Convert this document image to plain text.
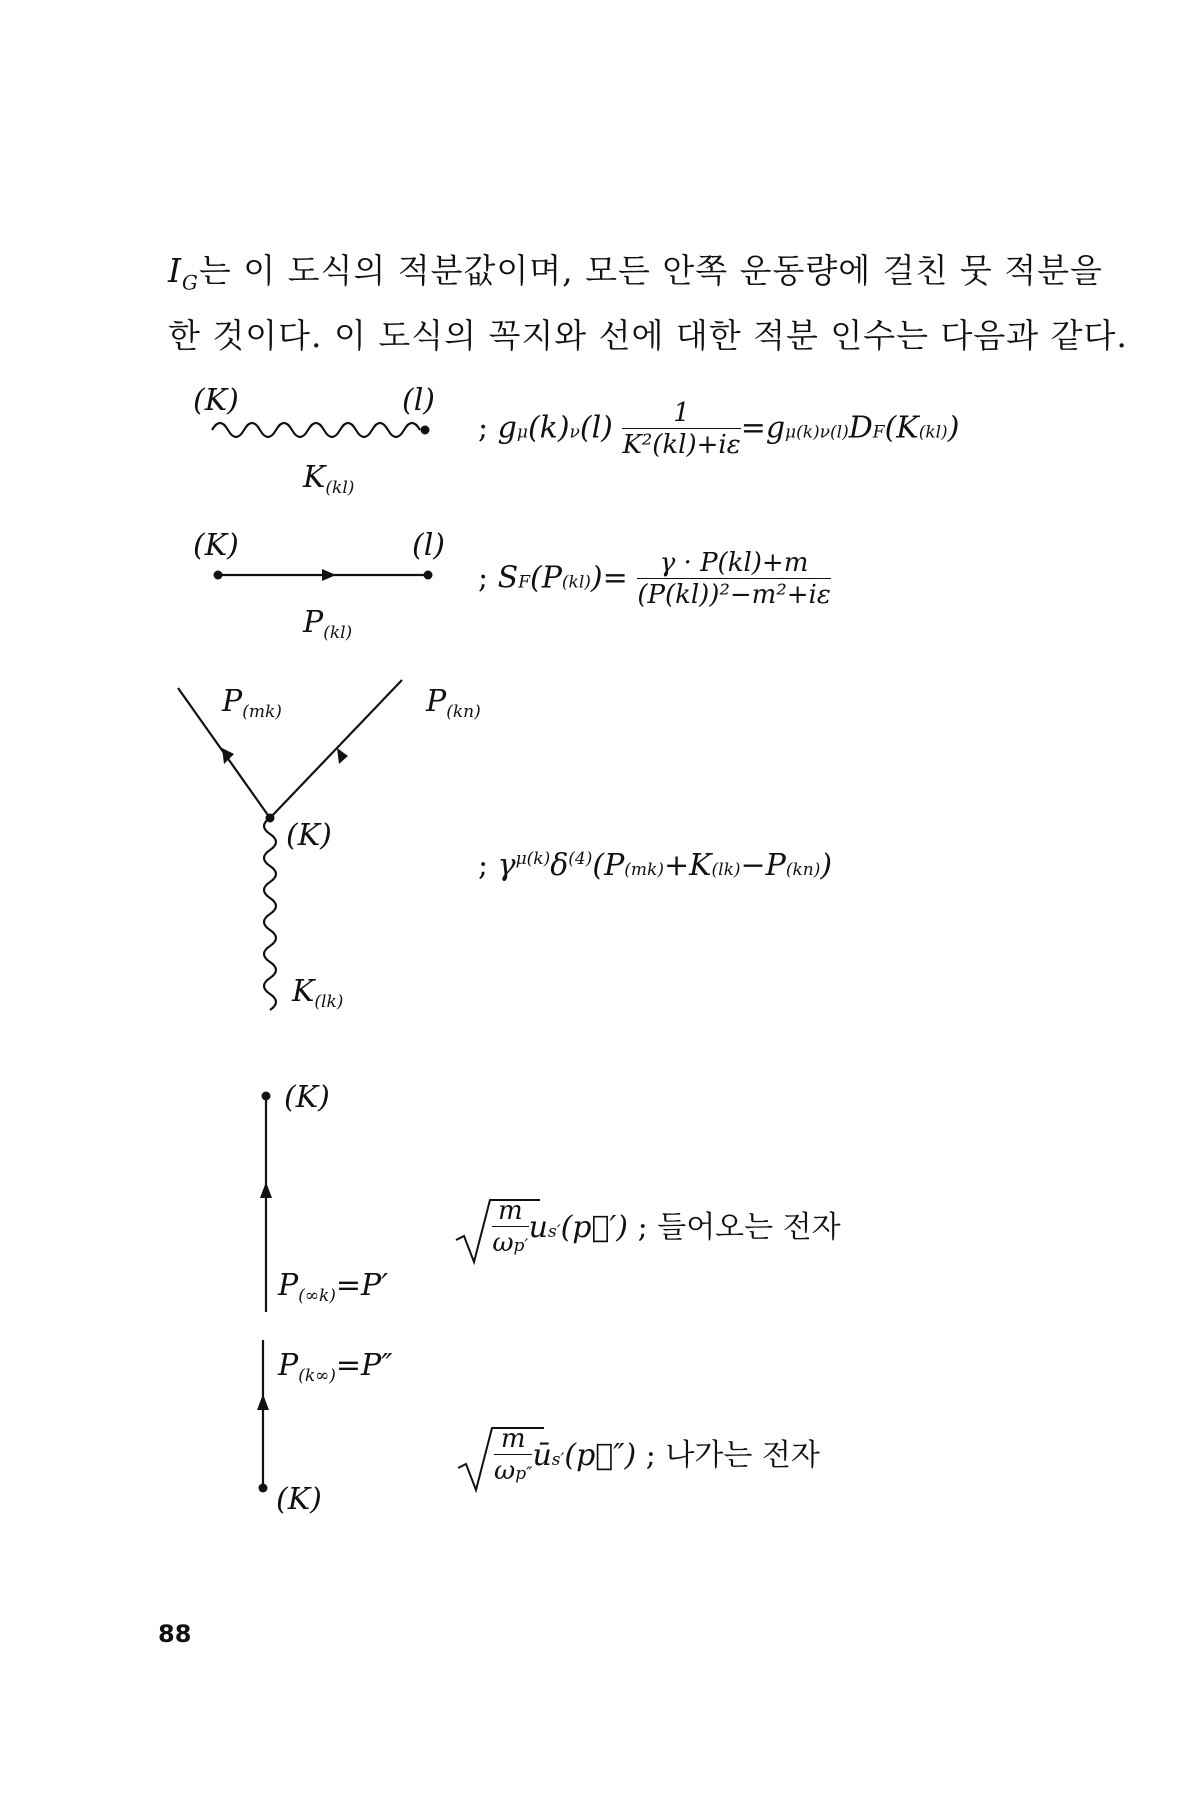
$I_G$는 이 도식의 적분값이며, 모든 안쪽 운동량에 걸친 뭇 적분을
한 것이다. 이 도식의 꼭지와 선에 대한 적분 인수는 다음과 같다.
(K)	(l)
$K_{(kl)}$
; $g\mu(k)\nu(l) \frac{1}{\text{K²(kl)+iε}} =g\mu(k)\nu(l)DF(K(kl))$
(K)	(l)
$P_{(kl)}$
; $SF(P(kl))= \frac{\gamma \cdot P(kl)+m}{\text{(P(kl))²−m²+iε}}$
$P_{(mk)}$	$P_{(kn)}$
(K)
$K_{(lk)}$
; $\gamma^{\mu(k)}\delta^{(4)}(P(mk)+K(lk)-P(kn))$
(K)
$P_{(\infty k)}=P'$
$\frac{m}{\omega p'}$ us′(p⃗′) ; 들어오는 전자
$P_{(k\infty)}=P''$
(K)
$\frac{m}{\omega p''}$ ūs′(p⃗″) ; 나가는 전자
88
